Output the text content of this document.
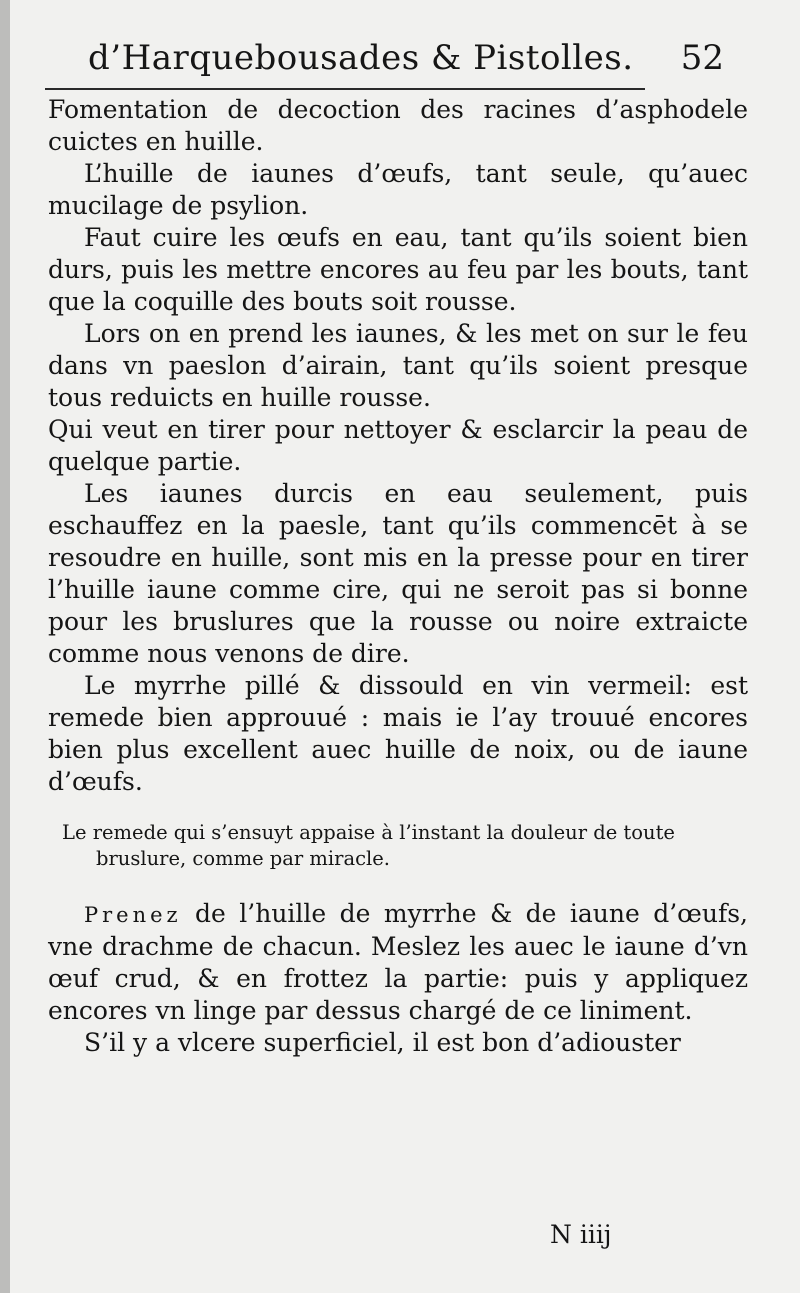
d’Harquebousades & Pistolles. 52

Fomentation de decoction des racines d’asphodele cuictes en huille.

L’huille de iaunes d’œufs, tant seule, qu’auec mucilage de psylion.

Faut cuire les œufs en eau, tant qu’ils soient bien durs, puis les mettre encores au feu par les bouts, tant que la coquille des bouts soit rousse.

Lors on en prend les iaunes, & les met on sur le feu dans vn paeslon d’airain, tant qu’ils soient presque tous reduicts en huille rousse.

Qui veut en tirer pour nettoyer & esclarcir la peau de quelque partie.

Les iaunes durcis en eau seulement, puis eschauffez en la paesle, tant qu’ils commencēt à se resoudre en huille, sont mis en la presse pour en tirer l’huille iaune comme cire, qui ne seroit pas si bonne pour les bruslures que la rousse ou noire extraicte comme nous venons de dire.

Le myrrhe pillé & dissould en vin vermeil: est remede bien approuué : mais ie l’ay trouué encores bien plus excellent auec huille de noix, ou de iaune d’œufs.

Le remede qui s’ensuyt appaise à l’instant la douleur de toute bruslure, comme par miracle.

Prenez de l’huille de myrrhe & de iaune d’œufs, vne drachme de chacun. Meslez les auec le iaune d’vn œuf crud, & en frottez la partie: puis y appliquez encores vn linge par dessus chargé de ce liniment.

S’il y a vlcere superficiel, il est bon d’adiouster

N iiij
